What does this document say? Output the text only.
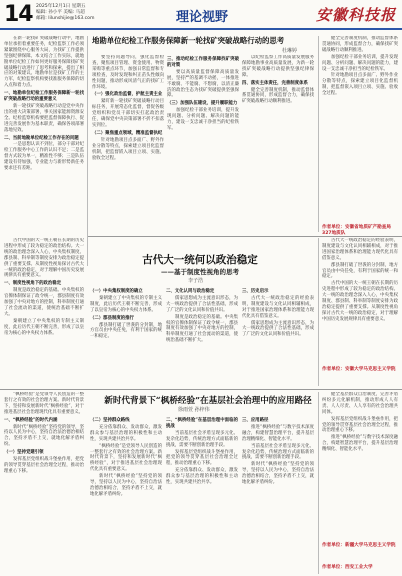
14 2025年12月1日 星期五
编辑: 孙小平 美编: 马超
邮箱: lilunshijie@163.com	理论视野	安徽科技报

在新一轮找矿突破战略行动中，地勘单位承担着重要任务，纪检监察工作必须紧紧围绕中心服务大局，为找矿工作提供坚强纪律保障。本文结合工作实际，就地勘单位纪检工作如何更好服务保障找矿突破战略行动进行了思考和探索，提出了相应的对策建议。地勘单位是找矿工作的主力军，纪检监察机构要找准服务保障的切入点和着力点。

一、地勘单位纪检工作服务保障新一轮找矿突破战略行动的重要意义

新一轮找矿突破战略行动是党中央作出的重大决策部署，事关国家能源资源安全。纪检监察机构要把监督保障执行、促进完善发展作为基本职责，确保各项部署落地见效。

二、当前地勘单位纪检工作存在的问题

一是思想认识不到位，部分干部对纪检工作服务中心工作的认识不足；二是监督方式较为单一，精准性不够；三是队伍建设有待加强，专业能力与新形势新任务要求还有差距。

地勘单位纪检工作服务保障新一轮找矿突破战略行动的思考
杜琳婷

要坚持问题导向，强化监督检查，聚焦项目管理、资金使用、物资采购等重点环节，加强日常监督和专项检查，及时发现和纠正苗头性倾向性问题，推动形成风清气正的找矿工作环境。

（一）强化政治监督，护航主责主业

紧盯新一轮找矿突破战略行动目标任务，开展常态化监督，督促各级党组织和党员干部切实扛起政治责任，确保党中央决策部署不折不扣落实到位。

（二）聚焦重点领域，精准监督执纪

针对地勘项目点多面广、野外作业分散等特点，探索建立项目化监督机制，把监督嵌入项目立项、实施、验收全过程。

三、推动纪检工作服务保障找矿突破的对策

要以高质量监督保障高质量发展，坚持严的基调不动摇，一体推进不敢腐、不能腐、不想腐，以清正廉洁的政治生态为找矿突破提供坚强保障。

（三）加强队伍建设，提升履职能力

加强纪检干部业务培训，提升发现问题、分析问题、解决问题的能力，建设一支忠诚干净担当的纪检铁军。

以纪检监察工作高质量发展服务保障地勘事业高质量发展，为新一轮找矿突破战略行动提供坚强纪律保障。

四、落实主体责任，完善制度体系

健全完善制度机制，推动监督体系贯通协同，形成监督合力，确保找矿突破战略行动顺利推进。

健全完善制度机制，推动监督体系贯通协同，形成监督合力，确保找矿突破战略行动顺利推进。

加强纪检干部业务培训，提升发现问题、分析问题、解决问题的能力，建设一支忠诚干净担当的纪检铁军。

针对地勘项目点多面广、野外作业分散等特点，探索建立项目化监督机制，把监督嵌入项目立项、实施、验收全过程。

作者单位：安徽省地质矿产勘查局327地质队
古代大一统何以政治稳定
——基于制度性视角的思考
李子浩

古代中国的大一统王朝在长期的历史进程中形成了较为稳定的政治结构。大一统的政治理念深入人心，中央集权制度、郡县制、科举制等制度安排为政治稳定提供了重要支撑。从制度性视角探讨古代大一统的政治稳定，对于理解中国历史发展规律具有重要意义。

一、制度性视角下的政治稳定

制度是政治稳定的基础。中央集权的官僚体制保证了政令统一，郡县制度有效加强了中央对地方的控制，科举制度打通了社会流动的渠道，使统治基础不断扩大。

秦朝建立了中央集权的专制主义制度，此后历代王朝不断完善，形成了以皇帝为核心的中央权力体系。

（一）中央集权制度的确立

秦朝建立了中央集权的专制主义制度，此后历代王朝不断完善，形成了以皇帝为核心的中央权力体系。

（二）郡县制度的推行

郡县制打破了世袭的分封制，地方官员由中央任免，有利于国家的统一和稳定。

二、文化认同与政治稳定

儒家思想成为主流意识形态，为大一统政治提供了合法性基础，形成了广泛的文化认同和价值共识。

制度是政治稳定的基础。中央集权的官僚体制保证了政令统一，郡县制度有效加强了中央对地方的控制，科举制度打通了社会流动的渠道，使统治基础不断扩大。

三、历史启示

古代大一统政治稳定的经验表明，制度建设与文化认同相辅相成，对于推进国家治理体系和治理能力现代化具有借鉴意义。

儒家思想成为主流意识形态，为大一统政治提供了合法性基础，形成了广泛的文化认同和价值共识。

古代大一统政治稳定的经验表明，制度建设与文化认同相辅相成，对于推进国家治理体系和治理能力现代化具有借鉴意义。

郡县制打破了世袭的分封制，地方官员由中央任免，有利于国家的统一和稳定。

古代中国的大一统王朝在长期的历史进程中形成了较为稳定的政治结构。大一统的政治理念深入人心，中央集权制度、郡县制、科举制等制度安排为政治稳定提供了重要支撑。从制度性视角探讨古代大一统的政治稳定，对于理解中国历史发展规律具有重要意义。

作者单位：安徽大学马克思主义学院
新时代背景下“枫桥经验”在基层社会治理中的应用路径
徐雨萱 孙梓伟

“枫桥经验”是党领导人民创造的一整套行之有效的社会治理方案。新时代背景下，坚持和发展新时代“枫桥经验”，对于推进基层社会治理现代化具有重要意义。

一、“枫桥经验”的时代内涵

新时代“枫桥经验”坚持党的领导，坚持以人民为中心，坚持自治法治德治相结合，坚持矛盾不上交，就地化解矛盾纠纷。

（一）坚持党建引领

发挥基层党组织战斗堡垒作用，把党的领导贯穿基层社会治理全过程，推动治理重心下移。

（二）坚持群众路线

充分依靠群众、发动群众，激发群众参与基层治理的积极性和主动性，实现共建共治共享。

“枫桥经验”是党领导人民创造的一整套行之有效的社会治理方案。新时代背景下，坚持和发展新时代“枫桥经验”，对于推进基层社会治理现代化具有重要意义。

新时代“枫桥经验”坚持党的领导，坚持以人民为中心，坚持自治法治德治相结合，坚持矛盾不上交，就地化解矛盾纠纷。

二、“枫桥经验”在基层治理中面临的挑战

当前基层社会矛盾呈现多元化、复杂化趋势，传统治理方式面临新的挑战，需要不断创新治理手段。

发挥基层党组织战斗堡垒作用，把党的领导贯穿基层社会治理全过程，推动治理重心下移。

充分依靠群众、发动群众，激发群众参与基层治理的积极性和主动性，实现共建共治共享。

三、应用路径

推进“枫桥经验”与数字技术深度融合，构建智慧治理平台，提升基层治理精细化、智能化水平。

当前基层社会矛盾呈现多元化、复杂化趋势，传统治理方式面临新的挑战，需要不断创新治理手段。

新时代“枫桥经验”坚持党的领导，坚持以人民为中心，坚持自治法治德治相结合，坚持矛盾不上交，就地化解矛盾纠纷。

健全基层群众自治制度，完善矛盾纠纷多元化解机制，推动形成人人有责、人人尽责、人人享有的社会治理共同体。

发挥基层党组织战斗堡垒作用，把党的领导贯穿基层社会治理全过程，推动治理重心下移。

推进“枫桥经验”与数字技术深度融合，构建智慧治理平台，提升基层治理精细化、智能化水平。

作者单位：新疆大学马克思主义学院
作者单位：西安工业大学
